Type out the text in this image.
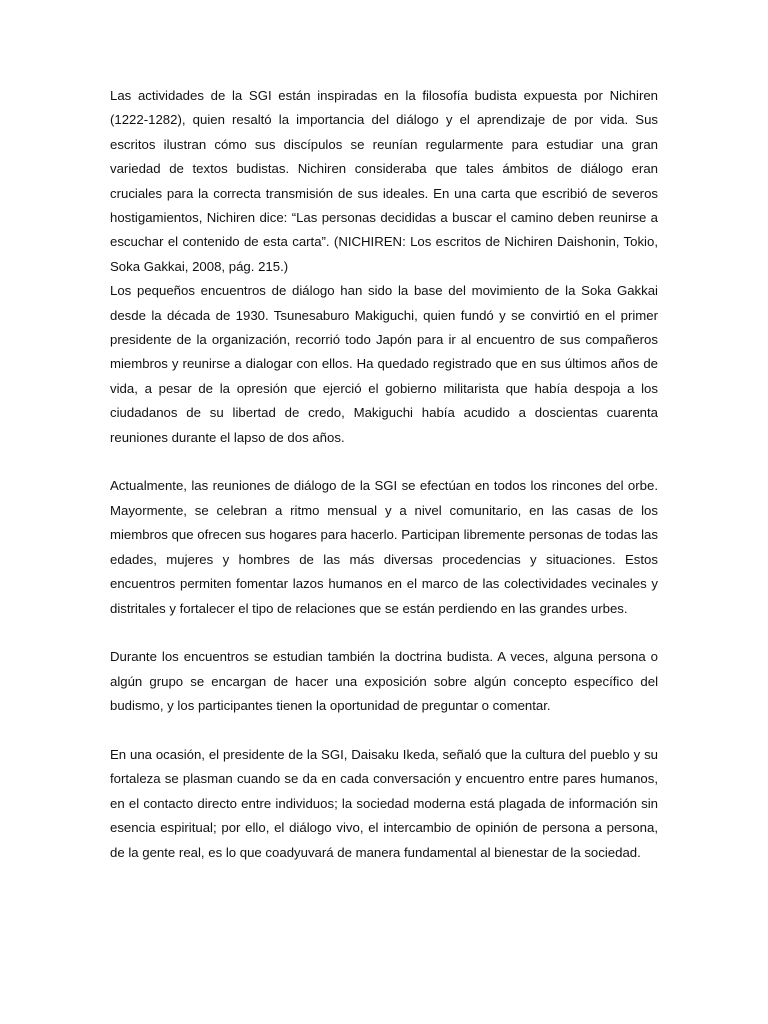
Las actividades de la SGI están inspiradas en la filosofía budista expuesta por Nichiren (1222-1282), quien resaltó la importancia del diálogo y el aprendizaje de por vida. Sus escritos ilustran cómo sus discípulos se reunían regularmente para estudiar una gran variedad de textos budistas. Nichiren consideraba que tales ámbitos de diálogo eran cruciales para la correcta transmisión de sus ideales. En una carta que escribió de severos hostigamientos, Nichiren dice: “Las personas decididas a buscar el camino deben reunirse a escuchar el contenido de esta carta”. (NICHIREN: Los escritos de Nichiren Daishonin, Tokio, Soka Gakkai, 2008, pág. 215.)

Los pequeños encuentros de diálogo han sido la base del movimiento de la Soka Gakkai desde la década de 1930. Tsunesaburo Makiguchi, quien fundó y se convirtió en el primer presidente de la organización, recorrió todo Japón para ir al encuentro de sus compañeros miembros y reunirse a dialogar con ellos. Ha quedado registrado que en sus últimos años de vida, a pesar de la opresión que ejerció el gobierno militarista que había despoja a los ciudadanos de su libertad de credo, Makiguchi había acudido a doscientas cuarenta reuniones durante el lapso de dos años.

Actualmente, las reuniones de diálogo de la SGI se efectúan en todos los rincones del orbe. Mayormente, se celebran a ritmo mensual y a nivel comunitario, en las casas de los miembros que ofrecen sus hogares para hacerlo. Participan libremente personas de todas las edades, mujeres y hombres de las más diversas procedencias y situaciones. Estos encuentros permiten fomentar lazos humanos en el marco de las colectividades vecinales y distritales y fortalecer el tipo de relaciones que se están perdiendo en las grandes urbes.

Durante los encuentros se estudian también la doctrina budista. A veces, alguna persona o algún grupo se encargan de hacer una exposición sobre algún concepto específico del budismo, y los participantes tienen la oportunidad de preguntar o comentar.

En una ocasión, el presidente de la SGI, Daisaku Ikeda, señaló que la cultura del pueblo y su fortaleza se plasman cuando se da en cada conversación y encuentro entre pares humanos, en el contacto directo entre individuos; la sociedad moderna está plagada de información sin esencia espiritual; por ello, el diálogo vivo, el intercambio de opinión de persona a persona, de la gente real, es lo que coadyuvará de manera fundamental al bienestar de la sociedad.
